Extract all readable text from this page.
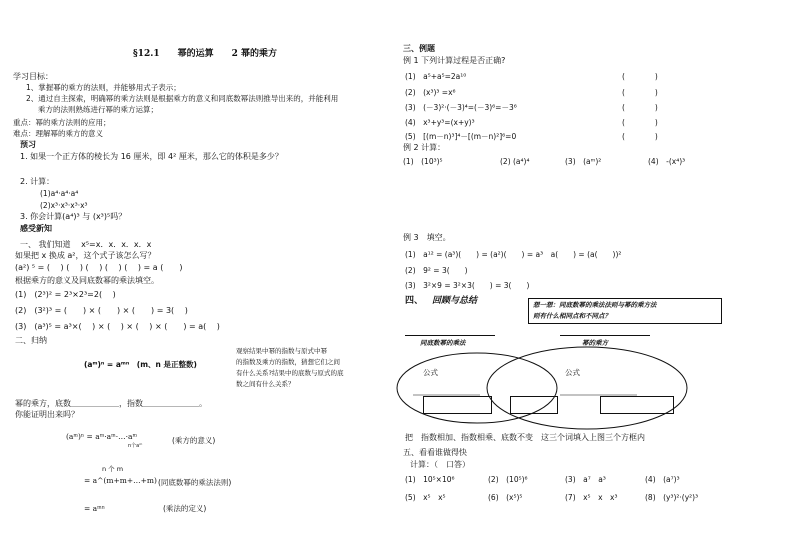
§12.1　　幂的运算　　2 幂的乘方
学习目标：
1、掌握幂的乘方的法则，并能够用式子表示；
2、通过自主探索，明确幂的乘方法则是根据乘方的意义和同底数幂法则推导出来的，并能利用
乘方的法则熟练进行幂的乘方运算；
重点：幂的乘方法则的应用；
难点：理解幂的乘方的意义
预习
1. 如果一个正方体的棱长为 16 厘米，即 4² 厘米，那么它的体积是多少？
2. 计算：
(1)a⁴·a⁴·a⁴
(2)x³·x³·x³·x³
3. 你会计算(a⁴)³ 与 (x³)⁵吗？
感受新知
一、 我们知道　 x⁵=x．x．x．x．x
如果把 x 换成 a²，这个式子该怎么写？
(a²) ⁵ = (　 ) (　 ) (　 ) (　 ) (　 ) = a (　　)
根据乘方的意义及同底数幂的乘法填空。
(1)　(2³)² = 2³×2³=2(　 )
(2)　(3²)³ = (　　) × (　　) × (　　) = 3(　 )
(3)　(a³)⁵ = a³×(　 ) × (　 ) × (　 ) × (　　) = a(　 )
二、归纳
(aᵐ)ⁿ = aᵐⁿ　(m、n 是正整数)
观察结果中幂的指数与原式中幂
的指数及乘方的指数，猜想它们之间
有什么关系?结果中的底数与原式的底
数之间有什么关系？
幂的乘方，底数＿＿＿＿＿＿，指数＿＿＿＿＿＿＿。
你能证明出来吗？
(aᵐ)ⁿ = aᵐ·aᵐ·…·aᵐ
n个aᵐ
(乘方的意义)
n 个 m
= a^(m+m+…+m) (同底数幂的乘法法则)
= aᵐⁿ	(乘法的定义)
三、例题
例 1 下列计算过程是否正确?
(1)　a⁵+a⁵=2a¹⁰	(　　　　)
(2)　(x³)³ =x⁶	(　　　　)
(3)　(－3)²·(－3)⁴=(－3)⁶=－3⁶	(　　　　)
(4)　x³+y³=(x+y)³	(　　　　)
(5)　[(m－n)³]⁴－[(m－n)²]⁶=0	(　　　　)
例 2 计算：
(1)　(10³)⁵	(2) (a⁴)⁴	(3)　(aᵐ)²	(4)　-(x⁴)³
例 3　填空。
(1)　a¹² = (a³)(　　) = (a²)(　　) = a³　a(　　) = (a(　　))²
(2)　9² = 3(　　)
(3)　3²×9 = 3²×3(　　) = 3(　　)
四、 回顾与总结	想一想：同底数幂的乘法法则与幂的乘方法
则有什么相同点和不同点？
同底数幂的乘法	幂的乘方
公式	公式
把　指数相加、指数相乘、底数不变　这三个词填入上图三个方框内
五、看看谁做得快
计算：（　口答）
(1)　10⁵×10⁶	(2)　(10⁵)⁶	(3)　a⁷　a³	(4)　(a⁷)³
(5)　x⁵　x⁵	(6)　(x⁵)⁵	(7)　x⁵　x　x³	(8)　(y³)²·(y²)³
